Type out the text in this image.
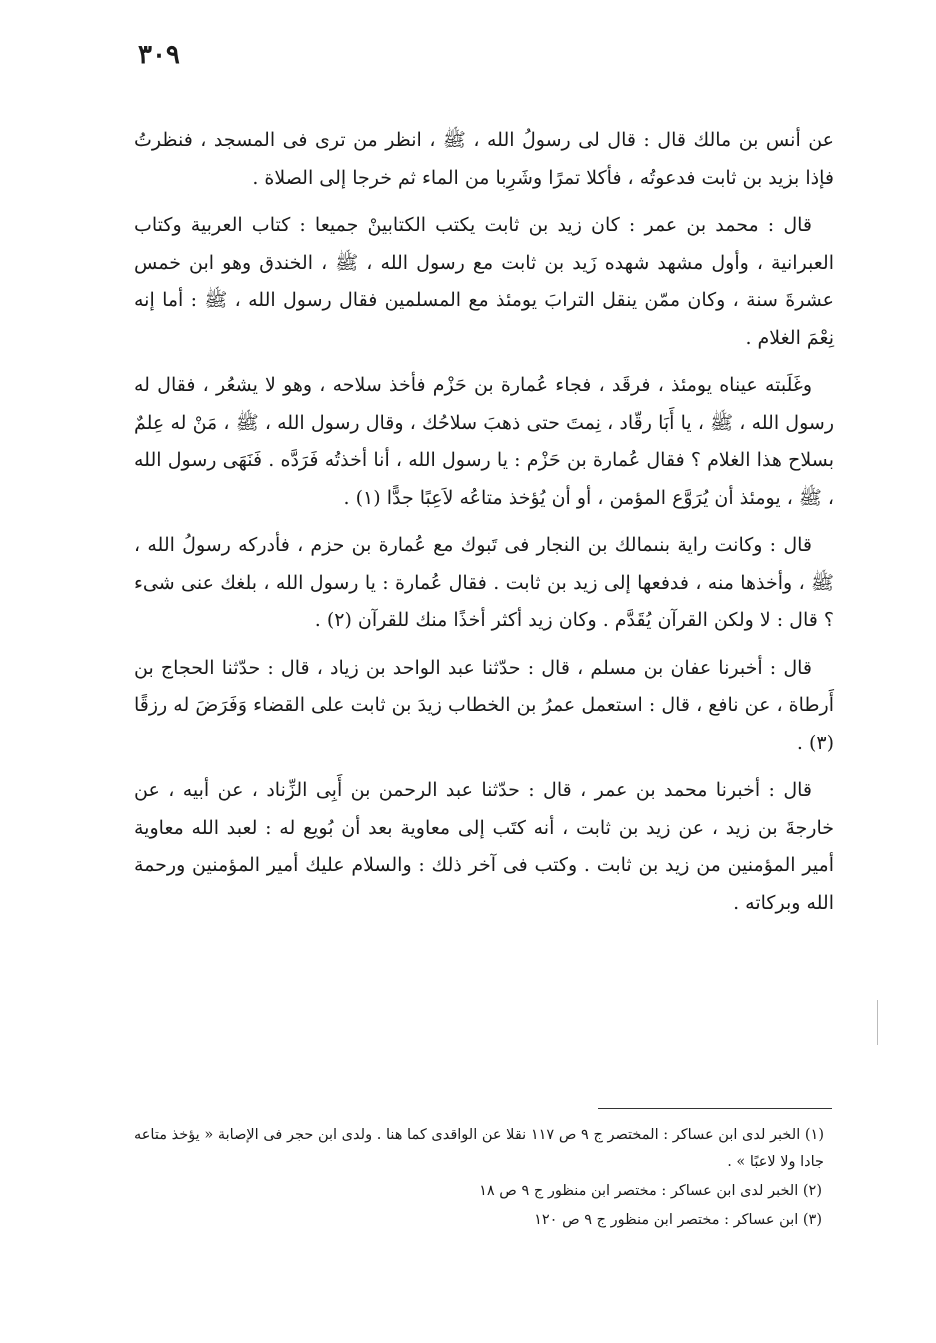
٣٠٩

عن أنس بن مالك قال : قال لى رسولُ الله ، ﷺ ، انظر من ترى فى المسجد ، فنظرتُ فإذا بزيد بن ثابت فدعوتُه ، فأكلا تمرًا وشَرِبا من الماء ثم خرجا إلى الصلاة .

قال : محمد بن عمر : كان زيد بن ثابت يكتب الكتابينْ جميعا : كتاب العربية وكتاب العبرانية ، وأول مشهد شهده زَيد بن ثابت مع رسول الله ، ﷺ ، الخندق وهو ابن خمس عشرةَ سنة ، وكان ممّن ينقل الترابَ يومئذ مع المسلمين فقال رسول الله ، ﷺ : أما إنه نِعْمَ الغلام .

وغَلَبته عيناه يومئذ ، فرقَد ، فجاء عُمارة بن حَزْم فأخذ سلاحه ، وهو لا يشعُر ، فقال له رسول الله ، ﷺ ، يا أَبَا رقّاد ، نِمتَ حتى ذهبَ سلاحُك ، وقال رسول الله ، ﷺ ، مَنْ له عِلمٌ بسلاح هذا الغلام ؟ فقال عُمارة بن حَزْم : يا رسول الله ، أنا أخذتُه فَرَدَّه . فَنَهَى رسول الله ، ﷺ ، يومئذ أن يُرَوَّع المؤمن ، أو أن يُؤخذ متاعُه لاَعِبًا جدًّا (١) .

قال : وكانت راية بنىمالك بن النجار فى تَبوك مع عُمارة بن حزم ، فأدركه رسولُ الله ، ﷺ ، وأخذها منه ، فدفعها إلى زيد بن ثابت . فقال عُمارة : يا رسول الله ، بلغك عنى شىء ؟ قال : لا ولكن القرآن يُقَدَّم . وكان زيد أكثر أخذًا منك للقرآن (٢) .

قال : أخبرنا عفان بن مسلم ، قال : حدّثنا عبد الواحد بن زياد ، قال : حدّثنا الحجاج بن أَرطاة ، عن نافع ، قال : استعمل عمرُ بن الخطاب زيدَ بن ثابت على القضاء وَفَرَضَ له رزقًا (٣) .

قال : أخبرنا محمد بن عمر ، قال : حدّثنا عبد الرحمن بن أَبِى الزِّناد ، عن أبيه ، عن خارجةَ بن زيد ، عن زيد بن ثابت ، أنه كتَب إلى معاوية بعد أن بُويع له : لعبد الله معاوية أمير المؤمنين من زيد بن ثابت . وكتب فى آخر ذلك : والسلام عليك أمير المؤمنين ورحمة الله وبركاته .

(١) الخبر لدى ابن عساكر : المختصر ج ٩ ص ١١٧ نقلا عن الواقدى كما هنا . ولدى ابن حجر فى الإصابة « يؤخذ متاعه جادا ولا لاعبًا » .

(٢) الخبر لدى ابن عساكر : مختصر ابن منظور ج ٩ ص ١٨

(٣) ابن عساكر : مختصر ابن منظور ج ٩ ص ١٢٠
